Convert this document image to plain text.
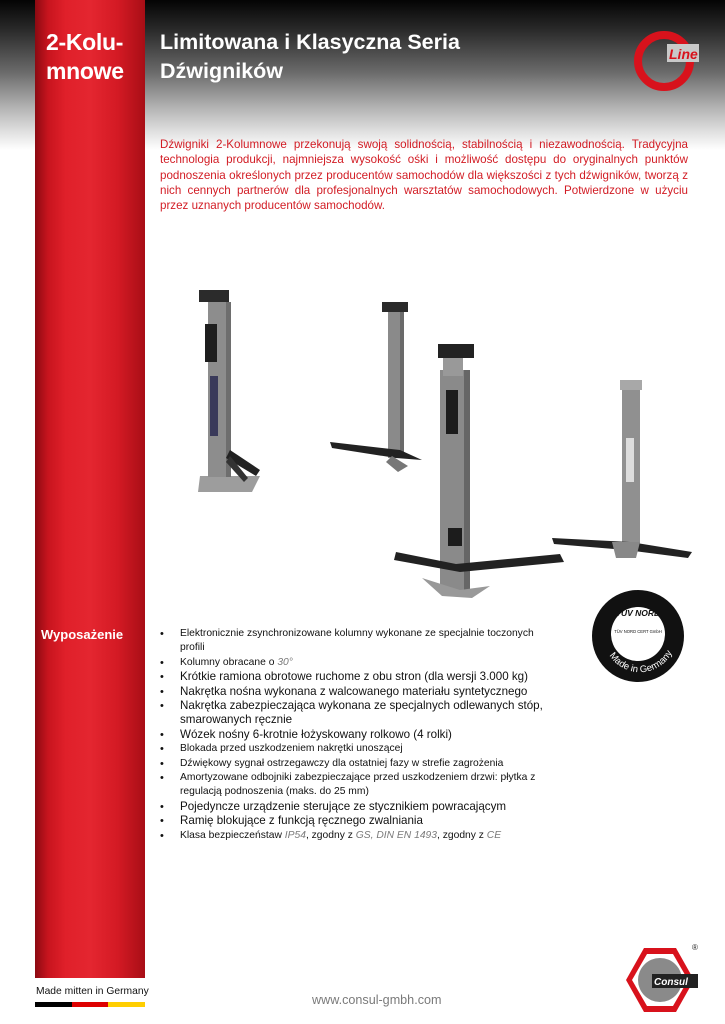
2-Kolu-
mnowe
Limitowana i Klasyczna Seria
Dźwigników
Line
Dźwigniki 2-Kolumnowe przekonują swoją solidnością, stabilnością i niezawodnością. Tradycyjna technologia produkcji, najmniejsza wysokość ośki i możliwość dostępu do oryginalnych punktów podnoszenia określonych przez producentów samochodów dla większości z tych dźwigników, tworzą z nich cennych partnerów dla profesjonalnych warsztatów samochodowych. Potwierdzone w użyciu przez uznanych producentów samochodów.
Wyposażenie	• Elektronicznie zsynchronizowane kolumny wykonane ze specjalnie toczonych profili
• Kolumny obracane o 30°
• Krótkie ramiona obrotowe ruchome z obu stron (dla wersji 3.000 kg)
• Nakrętka nośna wykonana z walcowanego materiału syntetycznego
• Nakrętka zabezpieczająca wykonana ze specjalnych odlewanych stóp, smarowanych ręcznie
• Wózek nośny 6-krotnie łożyskowany rolkowo (4 rolki)
• Blokada przed uszkodzeniem nakrętki unoszącej
• Dźwiękowy sygnał ostrzegawczy dla ostatniej fazy w strefie zagrożenia
• Amortyzowane odbojniki zabezpieczające przed uszkodzeniem drzwi: płytka z regulacją podnoszenia (maks. do 25 mm)
• Pojedyncze urządzenie sterujące ze stycznikiem powracającym
• Ramię blokujące z funkcją ręcznego zwalniania
• Klasa bezpieczeństaw IP54, zgodny z GS, DIN EN 1493, zgodny z CE
TÜV NORD
TÜV NORD CERT GmbH
Made in Germany
Made mitten in Germany
www.consul-gmbh.com
Consul
®
